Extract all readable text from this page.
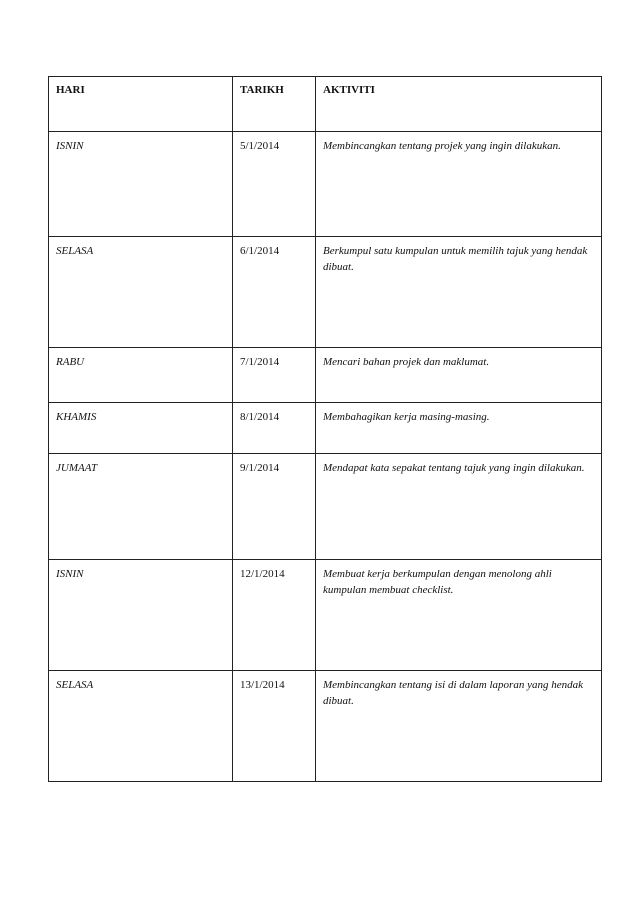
HARI	TARIKH	AKTIVITI
ISNIN	5/1/2014	Membincangkan tentang projek yang ingin dilakukan.
SELASA	6/1/2014	Berkumpul satu kumpulan untuk memilih tajuk yang hendak dibuat.
RABU	7/1/2014	Mencari bahan projek dan maklumat.
KHAMIS	8/1/2014	Membahagikan kerja masing-masing.
JUMAAT	9/1/2014	Mendapat kata sepakat tentang tajuk yang ingin dilakukan.
ISNIN	12/1/2014	Membuat kerja berkumpulan dengan menolong ahli kumpulan membuat checklist.
SELASA	13/1/2014	Membincangkan tentang isi di dalam laporan yang hendak dibuat.
